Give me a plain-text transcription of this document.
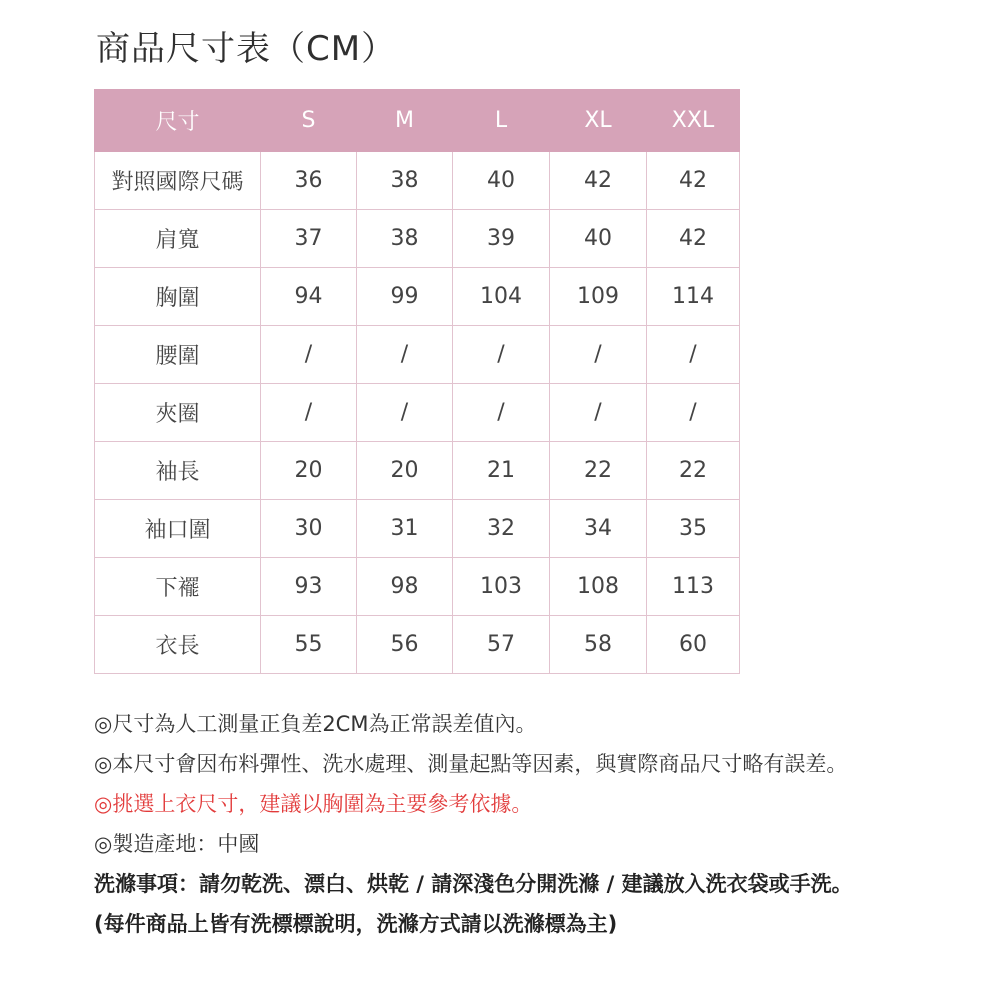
商品尺寸表（CM）
尺寸	S	M	L	XL	XXL
對照國際尺碼	36	38	40	42	42
肩寬	37	38	39	40	42
胸圍	94	99	104	109	114
腰圍	/	/	/	/	/
夾圈	/	/	/	/	/
袖長	20	20	21	22	22
袖口圍	30	31	32	34	35
下襬	93	98	103	108	113
衣長	55	56	57	58	60
◎尺寸為人工測量正負差2CM為正常誤差值內。
◎本尺寸會因布料彈性、洗水處理、測量起點等因素，與實際商品尺寸略有誤差。
◎挑選上衣尺寸，建議以胸圍為主要參考依據。
◎製造產地：中國
洗滌事項：請勿乾洗、漂白、烘乾 / 請深淺色分開洗滌 / 建議放入洗衣袋或手洗。
(每件商品上皆有洗標標說明，洗滌方式請以洗滌標為主)
